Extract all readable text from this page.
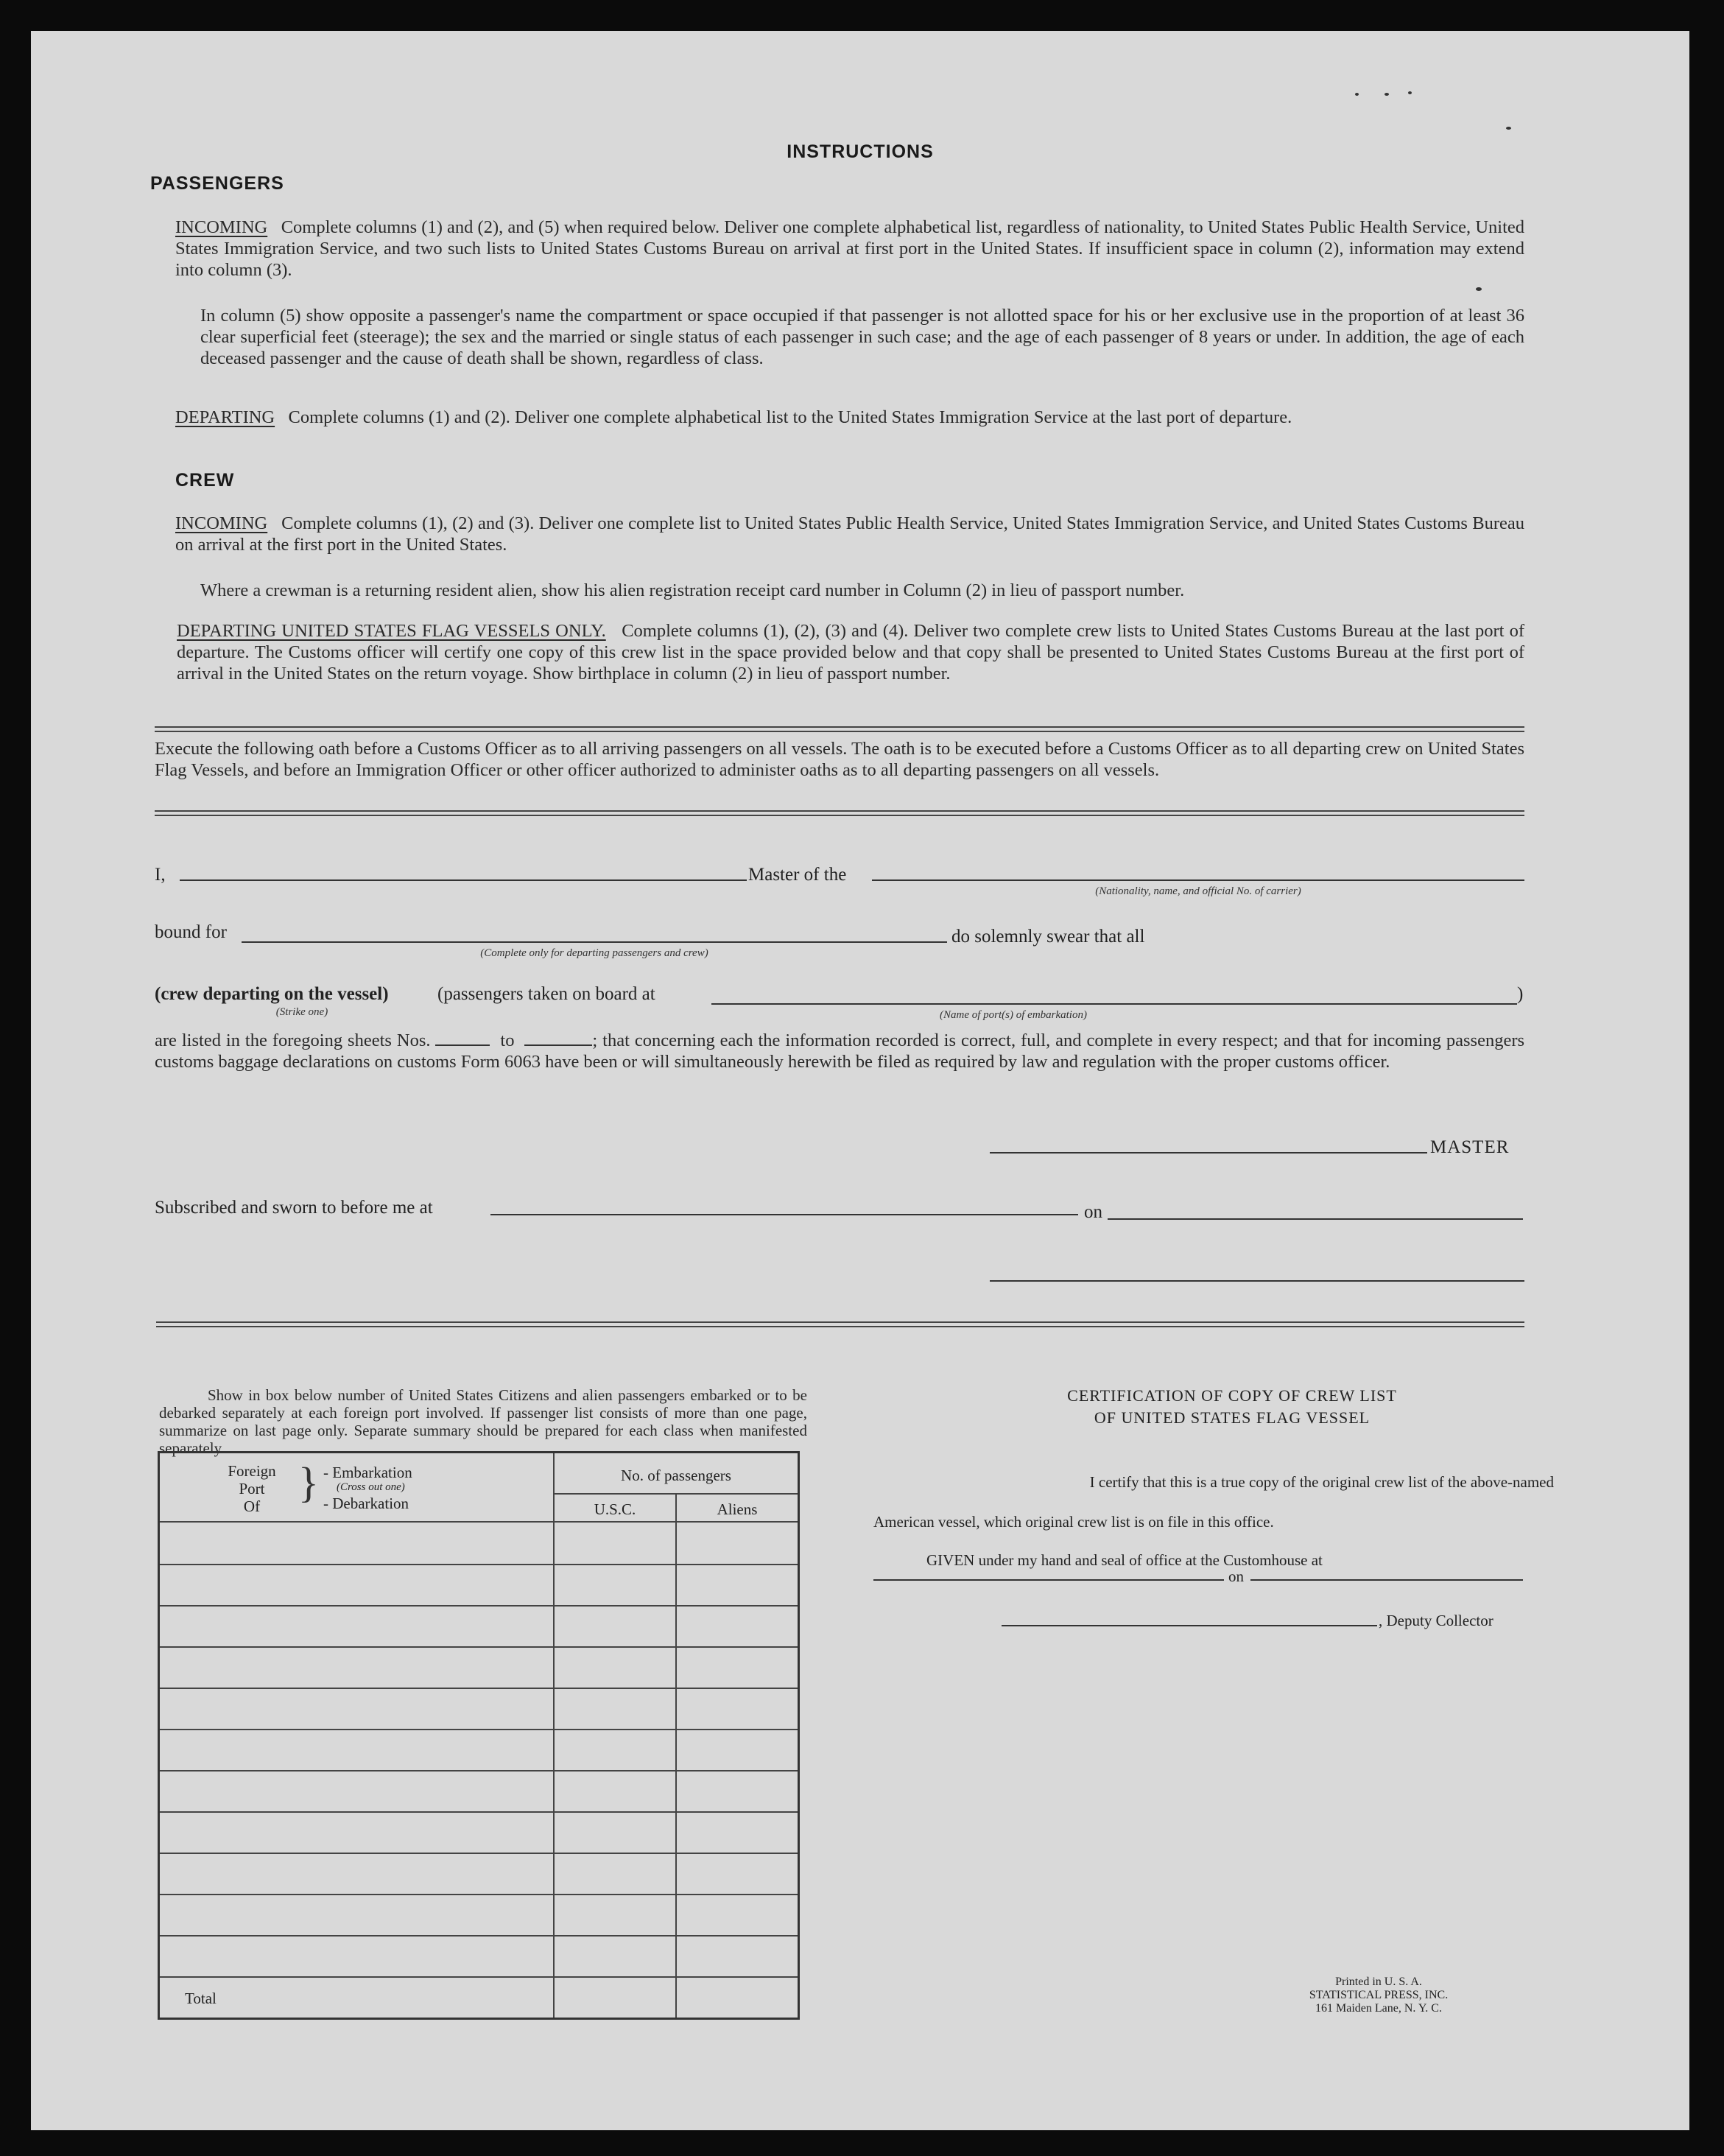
INSTRUCTIONS
PASSENGERS
INCOMING Complete columns (1) and (2), and (5) when required below. Deliver one complete alphabetical list, regardless of nationality, to United States Public Health Service, United States Immigration Service, and two such lists to United States Customs Bureau on arrival at first port in the United States. If insufficient space in column (2), information may extend into column (3).
In column (5) show opposite a passenger's name the compartment or space occupied if that passenger is not allotted space for his or her exclusive use in the proportion of at least 36 clear superficial feet (steerage); the sex and the married or single status of each passenger in such case; and the age of each passenger of 8 years or under. In addition, the age of each deceased passenger and the cause of death shall be shown, regardless of class.
DEPARTING Complete columns (1) and (2). Deliver one complete alphabetical list to the United States Immigration Service at the last port of departure.
CREW
INCOMING Complete columns (1), (2) and (3). Deliver one complete list to United States Public Health Service, United States Immigration Service, and United States Customs Bureau on arrival at the first port in the United States.
Where a crewman is a returning resident alien, show his alien registration receipt card number in Column (2) in lieu of passport number.
DEPARTING UNITED STATES FLAG VESSELS ONLY. Complete columns (1), (2), (3) and (4). Deliver two complete crew lists to United States Customs Bureau at the last port of departure. The Customs officer will certify one copy of this crew list in the space provided below and that copy shall be presented to United States Customs Bureau at the first port of arrival in the United States on the return voyage. Show birthplace in column (2) in lieu of passport number.
Execute the following oath before a Customs Officer as to all arriving passengers on all vessels. The oath is to be executed before a Customs Officer as to all departing crew on United States Flag Vessels, and before an Immigration Officer or other officer authorized to administer oaths as to all departing passengers on all vessels.
I,	Master of the
(Nationality, name, and official No. of carrier)
bound for
(Complete only for departing passengers and crew)
do solemnly swear that all
(crew departing on the vessel)
(Strike one)
(passengers taken on board at	)
(Name of port(s) of embarkation)
are listed in the foregoing sheets Nos.	to	; that concerning each the information recorded is correct, full, and complete in every respect; and that for incoming passengers customs baggage declarations on customs Form 6063 have been or will simultaneously herewith be filed as required by law and regulation with the proper customs officer.
MASTER
Subscribed and sworn to before me at	on
Show in box below number of United States Citizens and alien passengers embarked or to be debarked separately at each foreign port involved. If passenger list consists of more than one page, summarize on last page only. Separate summary should be prepared for each class when manifested separately.
Foreign
Port
Of } - Embarkation
(Cross out one)
- Debarkation
No. of passengers
U.S.C.	Aliens
Total
CERTIFICATION OF COPY OF CREW LIST
OF UNITED STATES FLAG VESSEL
I certify that this is a true copy of the original crew list of the above-named
American vessel, which original crew list is on file in this office.
GIVEN under my hand and seal of office at the Customhouse at
on
, Deputy Collector
Printed in U. S. A.
STATISTICAL PRESS, INC.
161 Maiden Lane, N. Y. C.
